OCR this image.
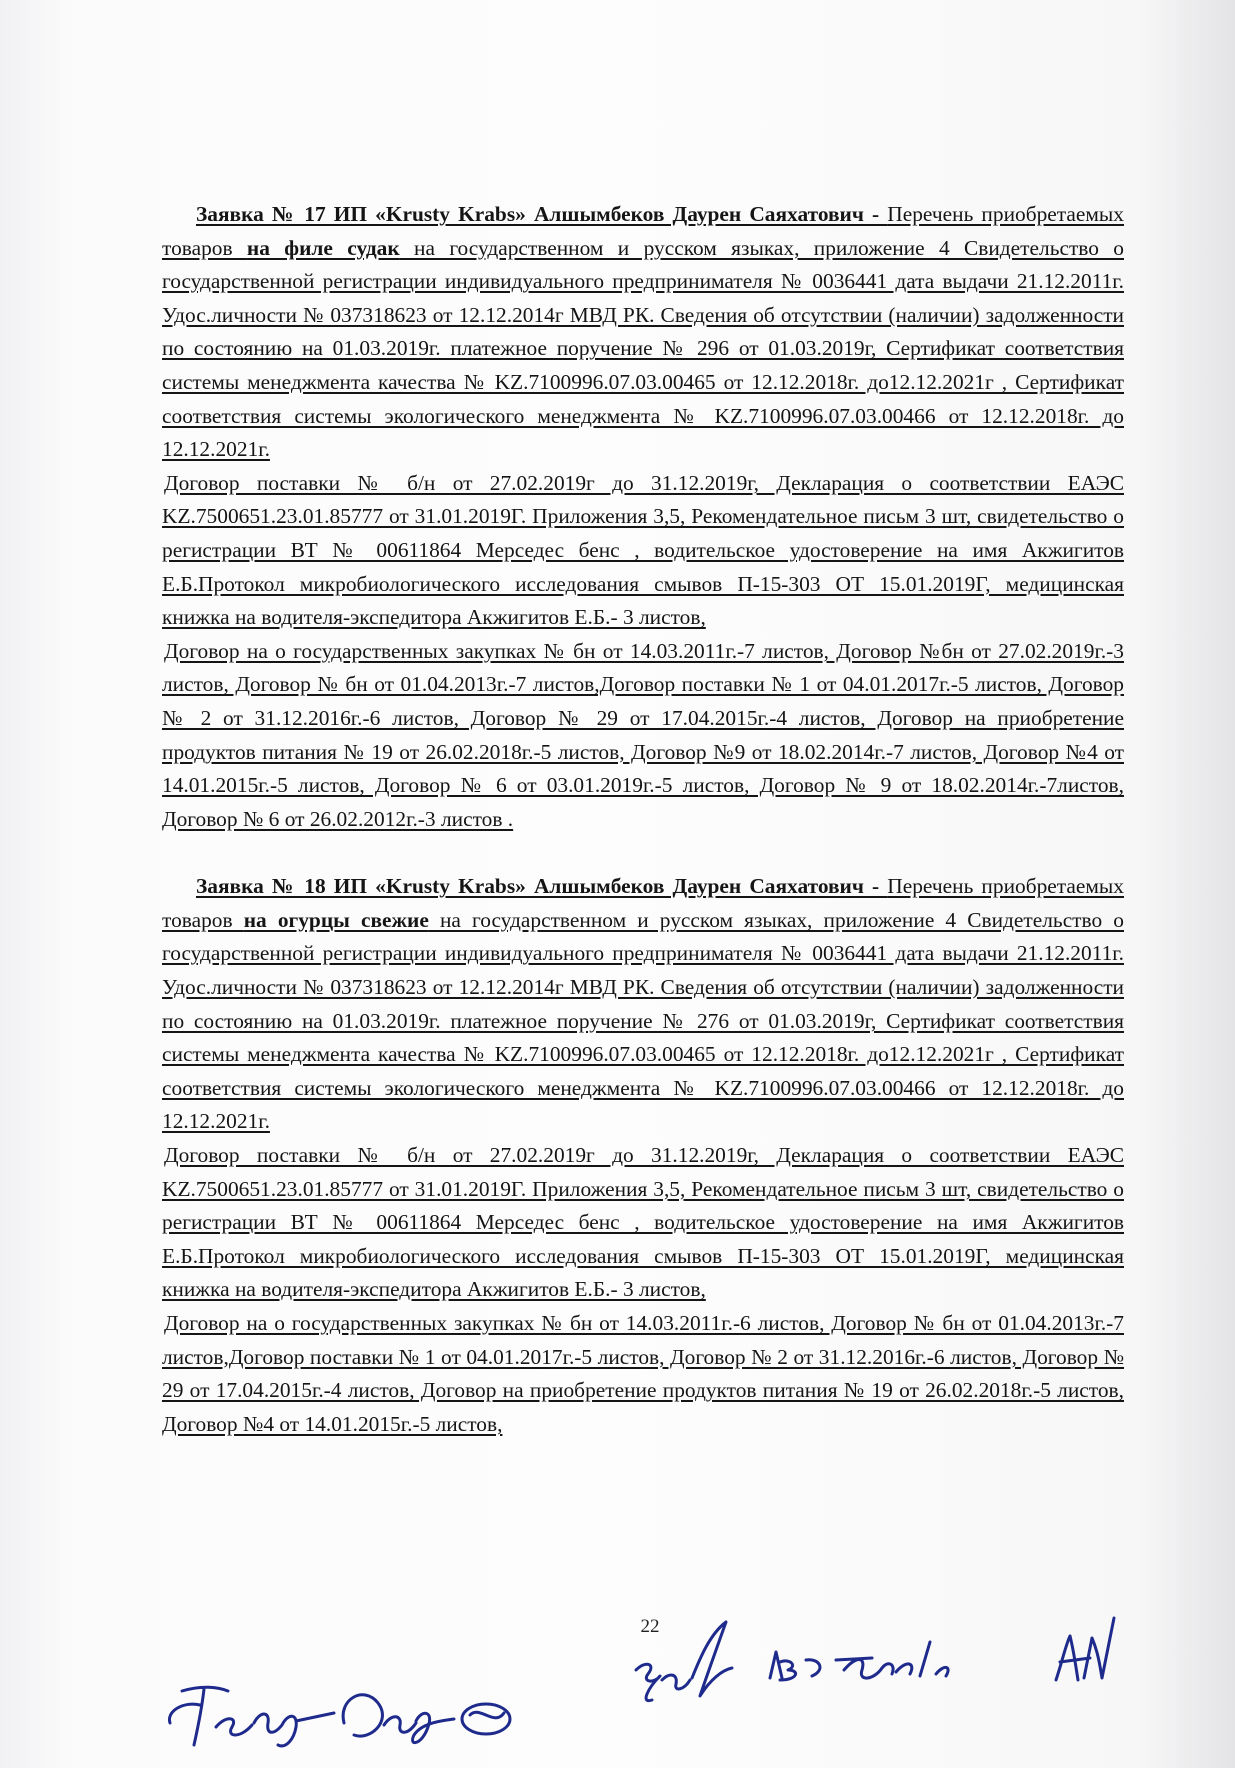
Заявка № 17 ИП «Krusty Krabs» Алшымбеков Даурен Саяхатович - Перечень приобретаемых товаров на филе судак на государственном и русском языках, приложение 4 Свидетельство о государственной регистрации индивидуального предпринимателя № 0036441 дата выдачи 21.12.2011г. Удос.личности № 037318623 от 12.12.2014г МВД РК. Сведения об отсутствии (наличии) задолженности по состоянию на 01.03.2019г. платежное поручение № 296 от 01.03.2019г, Сертификат соответствия системы менеджмента качества № KZ.7100996.07.03.00465 от 12.12.2018г. до12.12.2021г , Сертификат соответствия системы экологического менеджмента № KZ.7100996.07.03.00466 от 12.12.2018г. до 12.12.2021г.

Договор поставки № б/н от 27.02.2019г до 31.12.2019г, Декларация о соответствии ЕАЭС KZ.7500651.23.01.85777 от 31.01.2019Г. Приложения 3,5, Рекомендательное письм 3 шт, свидетельство о регистрации ВТ № 00611864 Мерседес бенс , водительское удостоверение на имя Акжигитов Е.Б.Протокол микробиологического исследования смывов П-15-303 ОТ 15.01.2019Г, медицинская книжка на водителя-экспедитора Акжигитов Е.Б.- 3 листов,

Договор на о государственных закупках № бн от 14.03.2011г.-7 листов, Договор №бн от 27.02.2019г.-3 листов, Договор № бн от 01.04.2013г.-7 листов,Договор поставки № 1 от 04.01.2017г.-5 листов, Договор № 2 от 31.12.2016г.-6 листов, Договор № 29 от 17.04.2015г.-4 листов, Договор на приобретение продуктов питания № 19 от 26.02.2018г.-5 листов, Договор №9 от 18.02.2014г.-7 листов, Договор №4 от 14.01.2015г.-5 листов, Договор № 6 от 03.01.2019г.-5 листов, Договор № 9 от 18.02.2014г.-7листов, Договор № 6 от 26.02.2012г.-3 листов .

Заявка № 18 ИП «Krusty Krabs» Алшымбеков Даурен Саяхатович - Перечень приобретаемых товаров на огурцы свежие на государственном и русском языках, приложение 4 Свидетельство о государственной регистрации индивидуального предпринимателя № 0036441 дата выдачи 21.12.2011г. Удос.личности № 037318623 от 12.12.2014г МВД РК. Сведения об отсутствии (наличии) задолженности по состоянию на 01.03.2019г. платежное поручение № 276 от 01.03.2019г, Сертификат соответствия системы менеджмента качества № KZ.7100996.07.03.00465 от 12.12.2018г. до12.12.2021г , Сертификат соответствия системы экологического менеджмента № KZ.7100996.07.03.00466 от 12.12.2018г. до 12.12.2021г.

Договор поставки № б/н от 27.02.2019г до 31.12.2019г, Декларация о соответствии ЕАЭС KZ.7500651.23.01.85777 от 31.01.2019Г. Приложения 3,5, Рекомендательное письм 3 шт, свидетельство о регистрации ВТ № 00611864 Мерседес бенс , водительское удостоверение на имя Акжигитов Е.Б.Протокол микробиологического исследования смывов П-15-303 ОТ 15.01.2019Г, медицинская книжка на водителя-экспедитора Акжигитов Е.Б.- 3 листов,

Договор на о государственных закупках № бн от 14.03.2011г.-6 листов, Договор № бн от 01.04.2013г.-7 листов,Договор поставки № 1 от 04.01.2017г.-5 листов, Договор № 2 от 31.12.2016г.-6 листов, Договор № 29 от 17.04.2015г.-4 листов, Договор на приобретение продуктов питания № 19 от 26.02.2018г.-5 листов, Договор №4 от 14.01.2015г.-5 листов,

22
